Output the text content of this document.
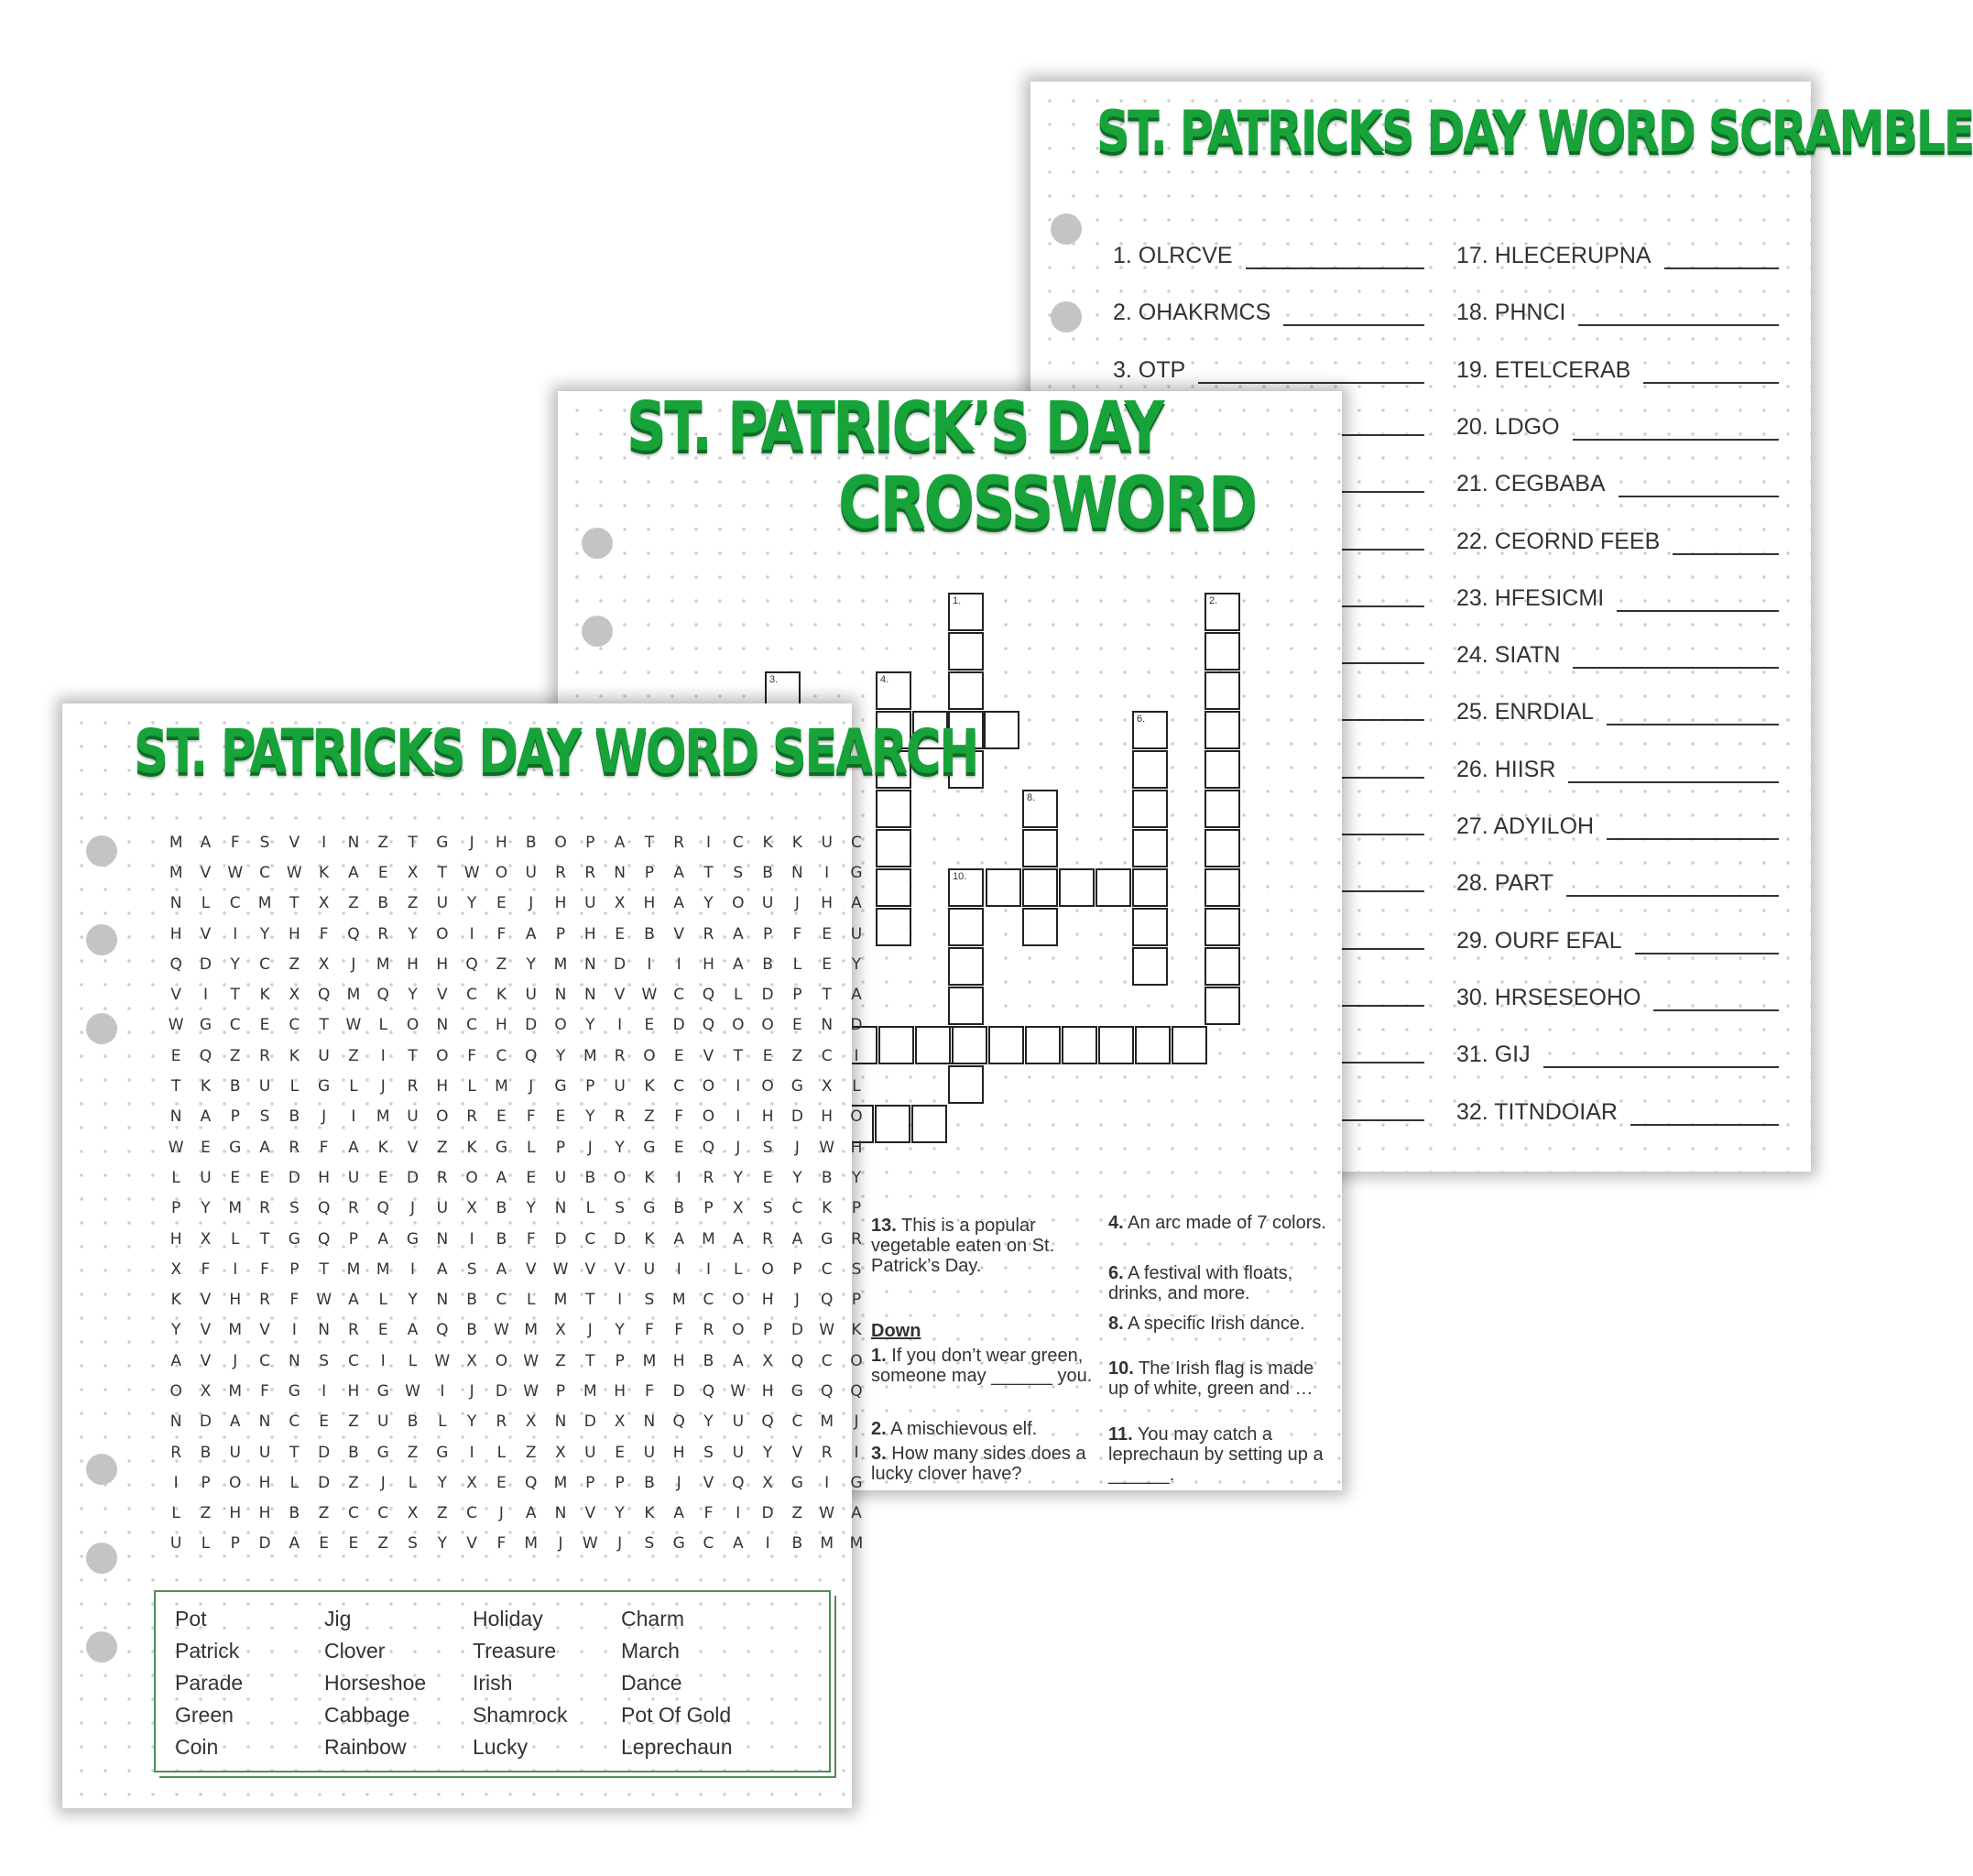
ST. PATRICKS DAY WORD SCRAMBLE
1. OLRCVE
2. OHAKRMCS
3. OTP
17. HLECERUPNA
18. PHNCI
19. ETELCERAB
20. LDGO
21. CEGBABA
22. CEORND FEEB
23. HFESICMI
24. SIATN
25. ENRDIAL
26. HIISR
27. ADYILOH
28. PART
29. OURF EFAL
30. HRSESEOHO
31. GIJ
32. TITNDOIAR
ST. PATRICK’S DAY
CROSSWORD
1.	2.
3.	4.
6.
8.
10.
13. This is a popular vegetable eaten on St. Patrick’s Day.
Down
1. If you don’t wear green, someone may ______ you.
2. A mischievous elf.
3. How many sides does a lucky clover have?
4. An arc made of 7 colors.
6. A festival with floats, drinks, and more.
8. A specific Irish dance.
10. The Irish flag is made up of white, green and …
11. You may catch a leprechaun by setting up a ______.
ST. PATRICKS DAY WORD SEARCH
M	A	F	S	V	I	N	Z	T	G	J	H	B	O	P	A	T	R	I	C	K	K	U	C
M	V	W	C	W	K	A	E	X	T	W	O	U	R	R	N	P	A	T	S	B	N	I	G
N	L	C	M	T	X	Z	B	Z	U	Y	E	J	H	U	X	H	A	Y	O	U	J	H	A
H	V	I	Y	H	F	Q	R	Y	O	I	F	A	P	H	E	B	V	R	A	P	F	E	U
Q	D	Y	C	Z	X	J	M	H	H	Q	Z	Y	M	N	D	I	I	H	A	B	L	E	Y
V	I	T	K	X	Q	M	Q	Y	V	C	K	U	N	N	V	W	C	Q	L	D	P	T	A
W	G	C	E	C	T	W	L	O	N	C	H	D	O	Y	I	E	D	Q	O	O	E	N	D
E	Q	Z	R	K	U	Z	I	T	O	F	C	Q	Y	M	R	O	E	V	T	E	Z	C	I
T	K	B	U	L	G	L	J	R	H	L	M	J	G	P	U	K	C	O	I	O	G	X	L
N	A	P	S	B	J	I	M	U	O	R	E	F	E	Y	R	Z	F	O	I	H	D	H	O
W	E	G	A	R	F	A	K	V	Z	K	G	L	P	J	Y	G	E	Q	J	S	J	W	H
L	U	E	E	D	H	U	E	D	R	O	A	E	U	B	O	K	I	R	Y	E	Y	B	Y
P	Y	M	R	S	Q	R	Q	J	U	X	B	Y	N	L	S	G	B	P	X	S	C	K	P
H	X	L	T	G	Q	P	A	G	N	I	B	F	D	C	D	K	A	M	A	R	A	G	R
X	F	I	F	P	T	M	M	I	A	S	A	V	W	V	V	U	I	I	L	O	P	C	S
K	V	H	R	F	W	A	L	Y	N	B	C	L	M	T	I	S	M	C	O	H	J	Q	P
Y	V	M	V	I	N	R	E	A	Q	B	W M	X	J	Y	F	F	R	O	P	D	W	K
A	V	J	C	N	S	C	I	L	W	X	O	W	Z	T	P	M	H	B	A	X	Q	C	O
O	X	M	F	G	I	H	G	W	I	J	D	W	P	M	H	F	D	Q	W	H	G	Q	Q
N	D	A	N	C	E	Z	U	B	L	Y	R	X	N	D	X	N	Q	Y	U	Q	C	M	J
R	B	U	U	T	D	B	G	Z	G	I	L	Z	X	U	E	U	H	S	U	Y	V	R	I
I	P	O	H	L	D	Z	J	L	Y	X	E	Q	M	P	P	B	J	V	Q	X	G	I	G
L	Z	H	H	B	Z	C	C	X	Z	C	J	A	N	V	Y	K	A	F	I	D	Z	W	A
U	L	P	D	A	E	E	Z	S	Y	V	F	M	J	W	J	S	G	C	A	I	B	M	M
Pot	Jig	Holiday	Charm
Patrick	Clover	Treasure	March
Parade	Horseshoe Irish	Dance
Green	Cabbage	Shamrock	Pot Of Gold
Coin	Rainbow	Lucky	Leprechaun
